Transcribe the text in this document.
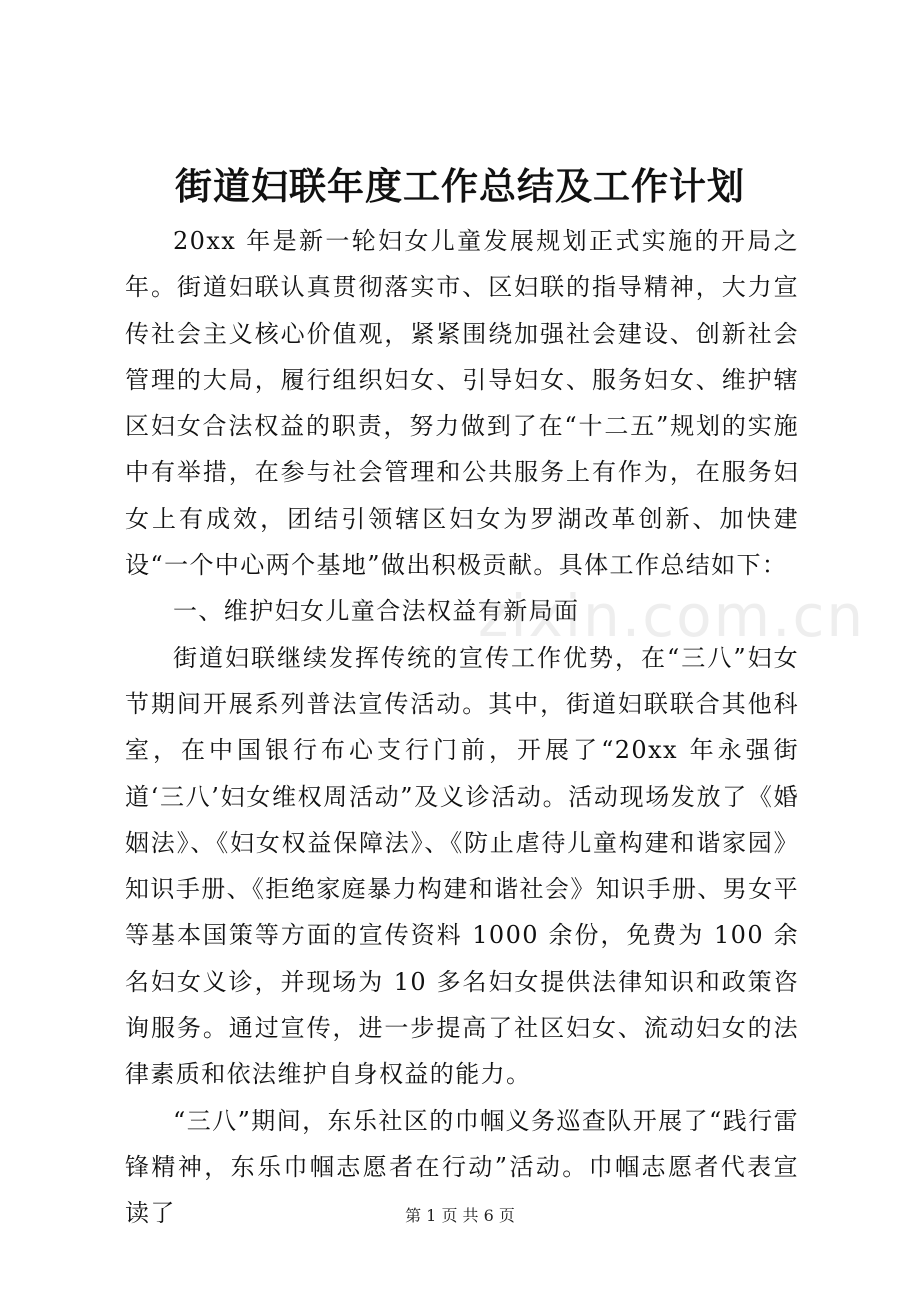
街道妇联年度工作总结及工作计划

20xx 年是新一轮妇女儿童发展规划正式实施的开局之年。街道妇联认真贯彻落实市、区妇联的指导精神，大力宣传社会主义核心价值观，紧紧围绕加强社会建设、创新社会管理的大局，履行组织妇女、引导妇女、服务妇女、维护辖区妇女合法权益的职责，努力做到了在“十二五”规划的实施中有举措，在参与社会管理和公共服务上有作为，在服务妇女上有成效，团结引领辖区妇女为罗湖改革创新、加快建设“一个中心两个基地”做出积极贡献。具体工作总结如下：

一、维护妇女儿童合法权益有新局面

街道妇联继续发挥传统的宣传工作优势，在“三八”妇女节期间开展系列普法宣传活动。其中，街道妇联联合其他科室，在中国银行布心支行门前，开展了“20xx 年永强街道‘三八’妇女维权周活动”及义诊活动。活动现场发放了《婚姻法》、《妇女权益保障法》、《防止虐待儿童构建和谐家园》知识手册、《拒绝家庭暴力构建和谐社会》知识手册、男女平等基本国策等方面的宣传资料 1000 余份，免费为 100 余名妇女义诊，并现场为 10 多名妇女提供法律知识和政策咨询服务。通过宣传，进一步提高了社区妇女、流动妇女的法律素质和依法维护自身权益的能力。

“三八”期间，东乐社区的巾帼义务巡查队开展了“践行雷锋精神，东乐巾帼志愿者在行动”活动。巾帼志愿者代表宣读了

zixin.com.cn
第 1 页 共 6 页
